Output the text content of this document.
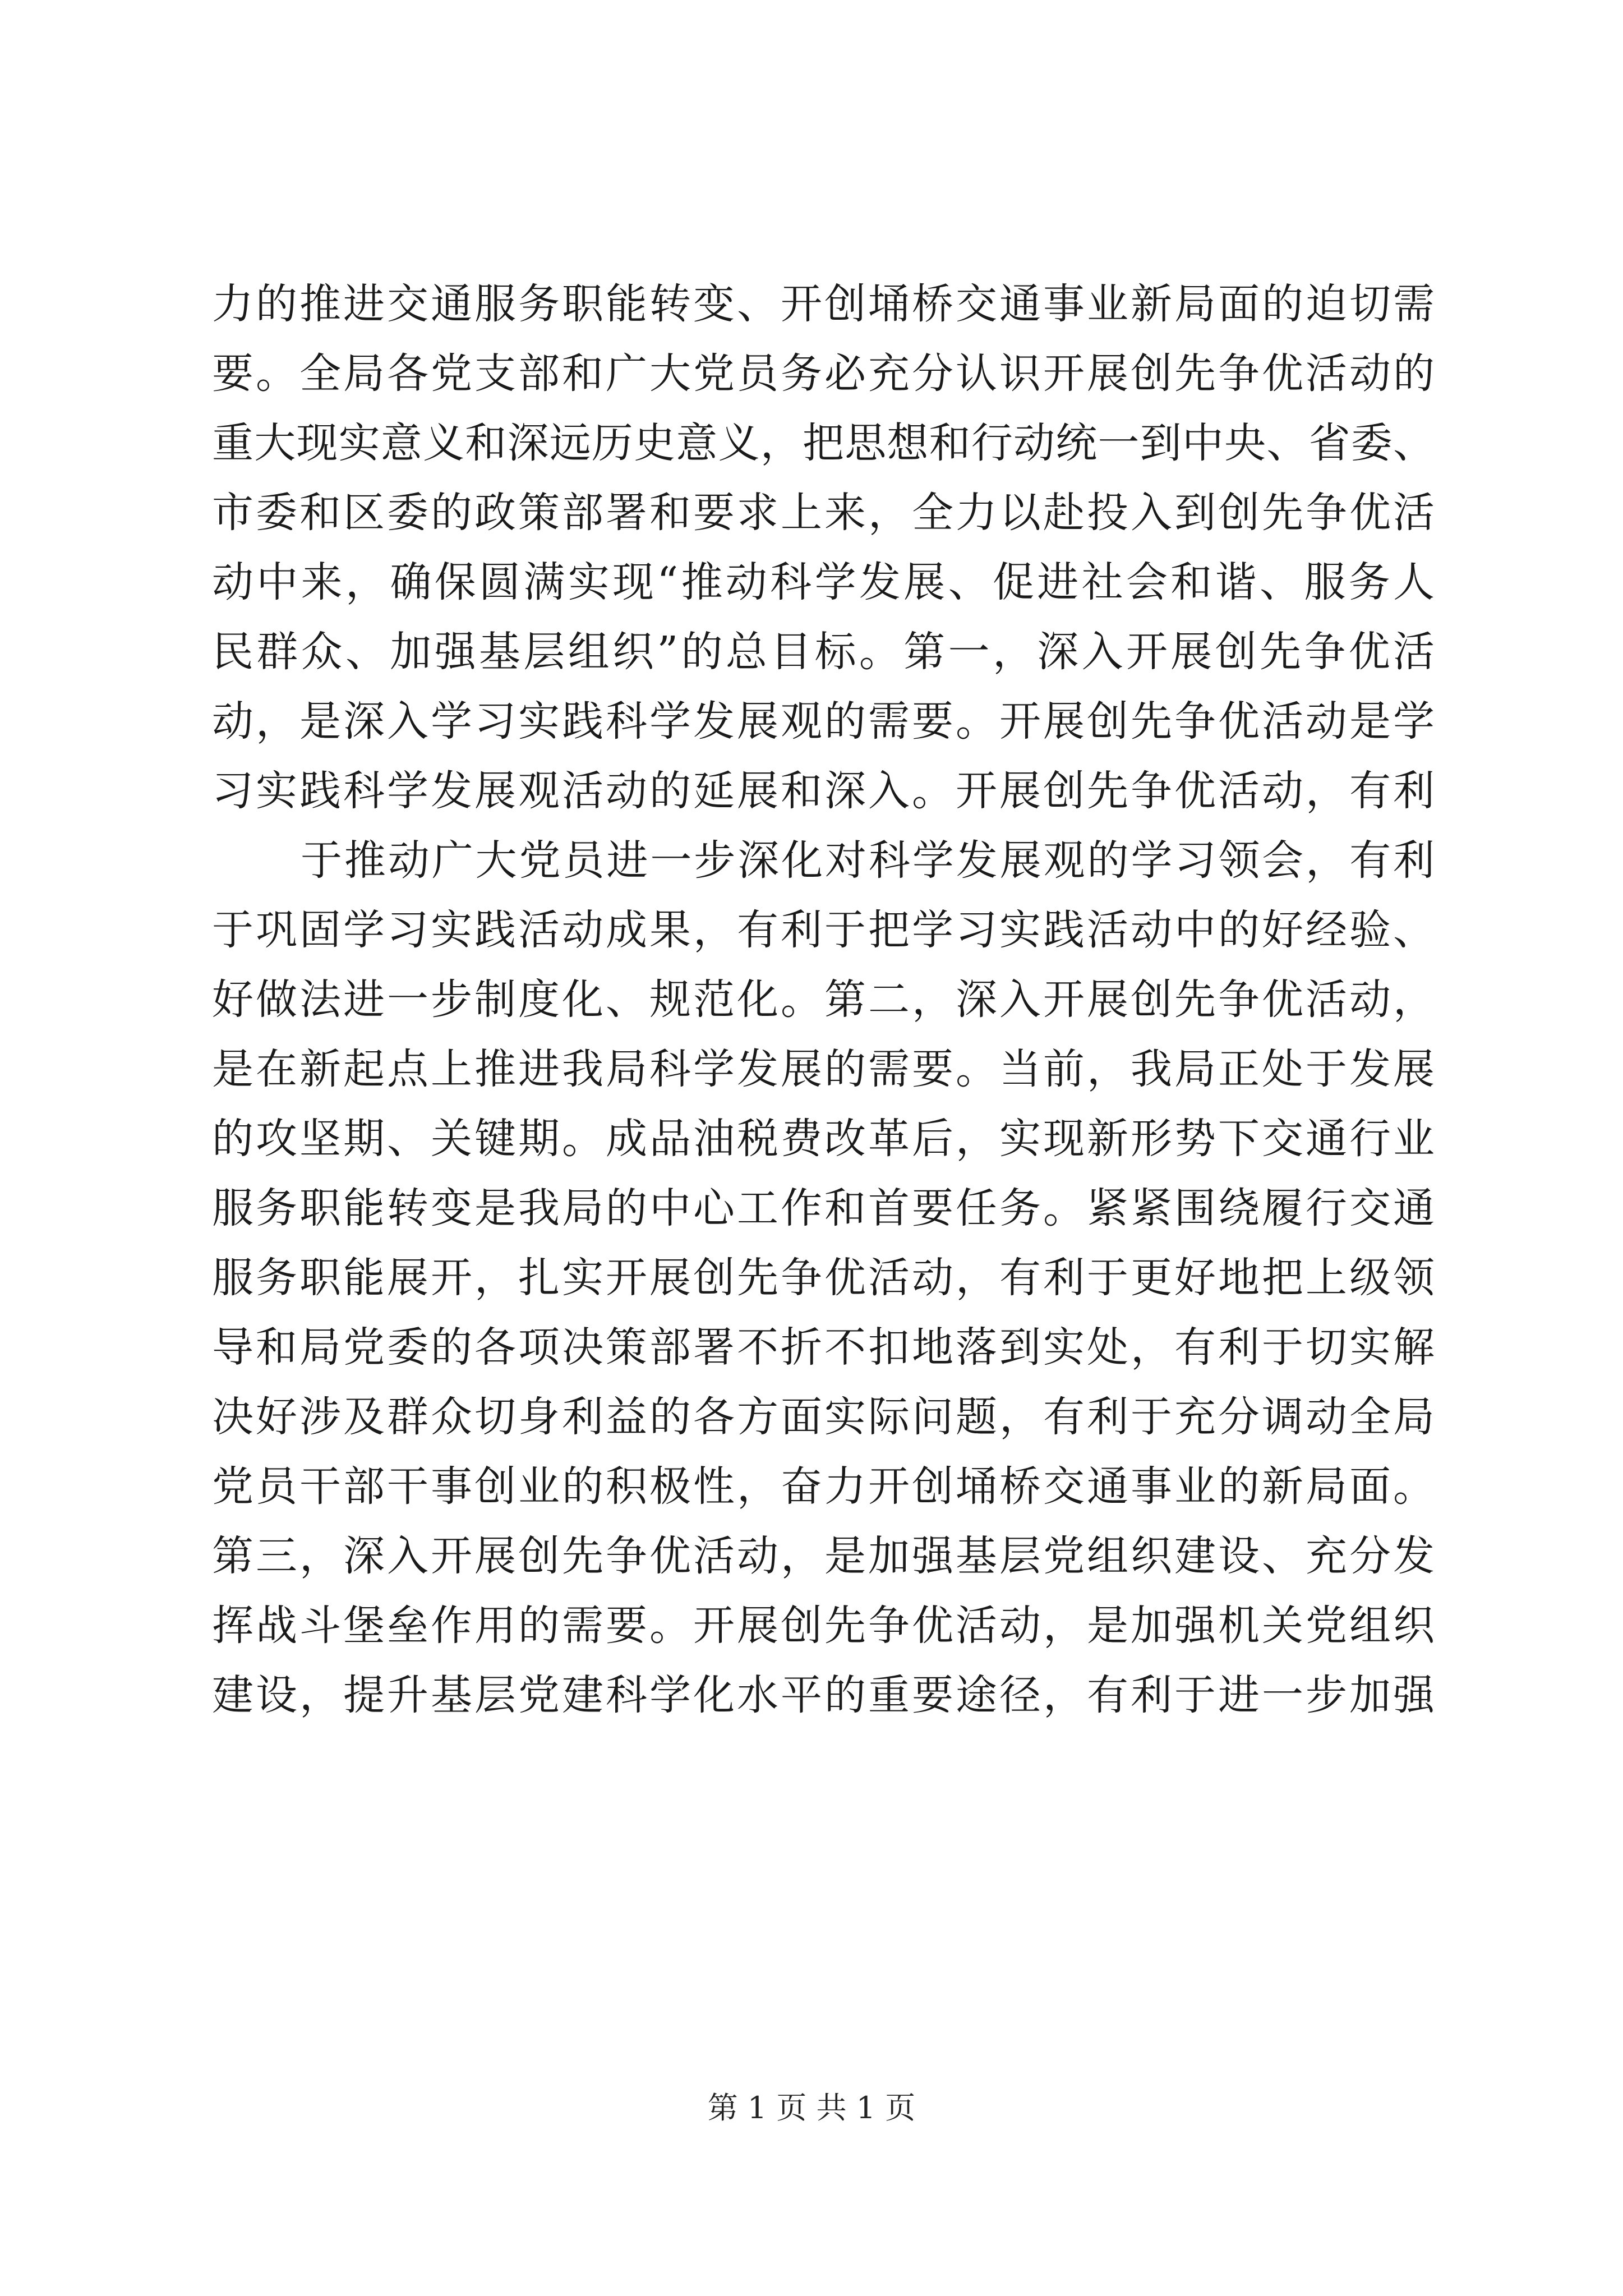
力的推进交通服务职能转变、开创埇桥交通事业新局面的迫切需
要。全局各党支部和广大党员务必充分认识开展创先争优活动的
重大现实意义和深远历史意义，把思想和行动统一到中央、省委、
市委和区委的政策部署和要求上来，全力以赴投入到创先争优活
动中来，确保圆满实现“推动科学发展、促进社会和谐、服务人
民群众、加强基层组织”的总目标。第一，深入开展创先争优活
动，是深入学习实践科学发展观的需要。开展创先争优活动是学
习实践科学发展观活动的延展和深入。开展创先争优活动，有利
于推动广大党员进一步深化对科学发展观的学习领会，有利
于巩固学习实践活动成果，有利于把学习实践活动中的好经验、
好做法进一步制度化、规范化。第二，深入开展创先争优活动，
是在新起点上推进我局科学发展的需要。当前，我局正处于发展
的攻坚期、关键期。成品油税费改革后，实现新形势下交通行业
服务职能转变是我局的中心工作和首要任务。紧紧围绕履行交通
服务职能展开，扎实开展创先争优活动，有利于更好地把上级领
导和局党委的各项决策部署不折不扣地落到实处，有利于切实解
决好涉及群众切身利益的各方面实际问题，有利于充分调动全局
党员干部干事创业的积极性，奋力开创埇桥交通事业的新局面。
第三，深入开展创先争优活动，是加强基层党组织建设、充分发
挥战斗堡垒作用的需要。开展创先争优活动，是加强机关党组织
建设，提升基层党建科学化水平的重要途径，有利于进一步加强
第 1 页 共 1 页
